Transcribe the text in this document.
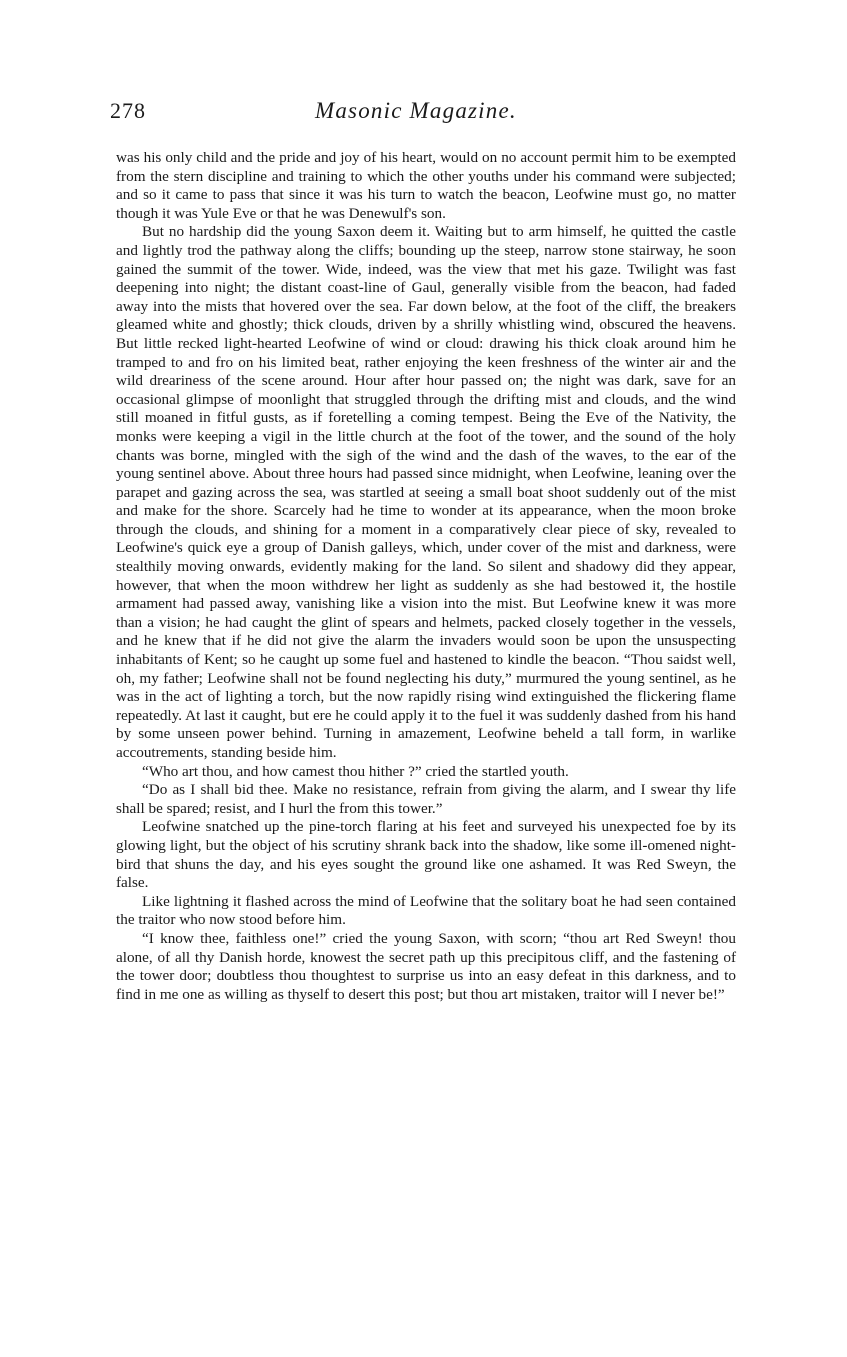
278	Masonic Magazine.

was his only child and the pride and joy of his heart, would on no account permit him to be exempted from the stern discipline and training to which the other youths under his command were subjected; and so it came to pass that since it was his turn to watch the beacon, Leofwine must go, no matter though it was Yule Eve or that he was Denewulf's son.

But no hardship did the young Saxon deem it. Waiting but to arm himself, he quitted the castle and lightly trod the pathway along the cliffs; bounding up the steep, narrow stone stairway, he soon gained the summit of the tower. Wide, indeed, was the view that met his gaze. Twilight was fast deepening into night; the distant coast-line of Gaul, generally visible from the beacon, had faded away into the mists that hovered over the sea. Far down below, at the foot of the cliff, the breakers gleamed white and ghostly; thick clouds, driven by a shrilly whistling wind, obscured the heavens. But little recked light-hearted Leofwine of wind or cloud: drawing his thick cloak around him he tramped to and fro on his limited beat, rather enjoying the keen freshness of the winter air and the wild dreariness of the scene around. Hour after hour passed on; the night was dark, save for an occasional glimpse of moonlight that struggled through the drifting mist and clouds, and the wind still moaned in fitful gusts, as if foretelling a coming tempest. Being the Eve of the Nativity, the monks were keeping a vigil in the little church at the foot of the tower, and the sound of the holy chants was borne, mingled with the sigh of the wind and the dash of the waves, to the ear of the young sentinel above. About three hours had passed since midnight, when Leofwine, leaning over the parapet and gazing across the sea, was startled at seeing a small boat shoot suddenly out of the mist and make for the shore. Scarcely had he time to wonder at its appearance, when the moon broke through the clouds, and shining for a moment in a comparatively clear piece of sky, revealed to Leofwine's quick eye a group of Danish galleys, which, under cover of the mist and darkness, were stealthily moving onwards, evidently making for the land. So silent and shadowy did they appear, however, that when the moon withdrew her light as suddenly as she had bestowed it, the hostile armament had passed away, vanishing like a vision into the mist. But Leofwine knew it was more than a vision; he had caught the glint of spears and helmets, packed closely together in the vessels, and he knew that if he did not give the alarm the invaders would soon be upon the unsuspecting inhabitants of Kent; so he caught up some fuel and hastened to kindle the beacon. “Thou saidst well, oh, my father; Leofwine shall not be found neglecting his duty,” murmured the young sentinel, as he was in the act of lighting a torch, but the now rapidly rising wind extinguished the flickering flame repeatedly. At last it caught, but ere he could apply it to the fuel it was suddenly dashed from his hand by some unseen power behind. Turning in amazement, Leofwine beheld a tall form, in warlike accoutrements, standing beside him.

“Who art thou, and how camest thou hither ?” cried the startled youth.

“Do as I shall bid thee. Make no resistance, refrain from giving the alarm, and I swear thy life shall be spared; resist, and I hurl the from this tower.”

Leofwine snatched up the pine-torch flaring at his feet and surveyed his unexpected foe by its glowing light, but the object of his scrutiny shrank back into the shadow, like some ill-omened night-bird that shuns the day, and his eyes sought the ground like one ashamed. It was Red Sweyn, the false.

Like lightning it flashed across the mind of Leofwine that the solitary boat he had seen contained the traitor who now stood before him.

“I know thee, faithless one!” cried the young Saxon, with scorn; “thou art Red Sweyn! thou alone, of all thy Danish horde, knowest the secret path up this precipitous cliff, and the fastening of the tower door; doubtless thou thoughtest to surprise us into an easy defeat in this darkness, and to find in me one as willing as thyself to desert this post; but thou art mistaken, traitor will I never be!”
